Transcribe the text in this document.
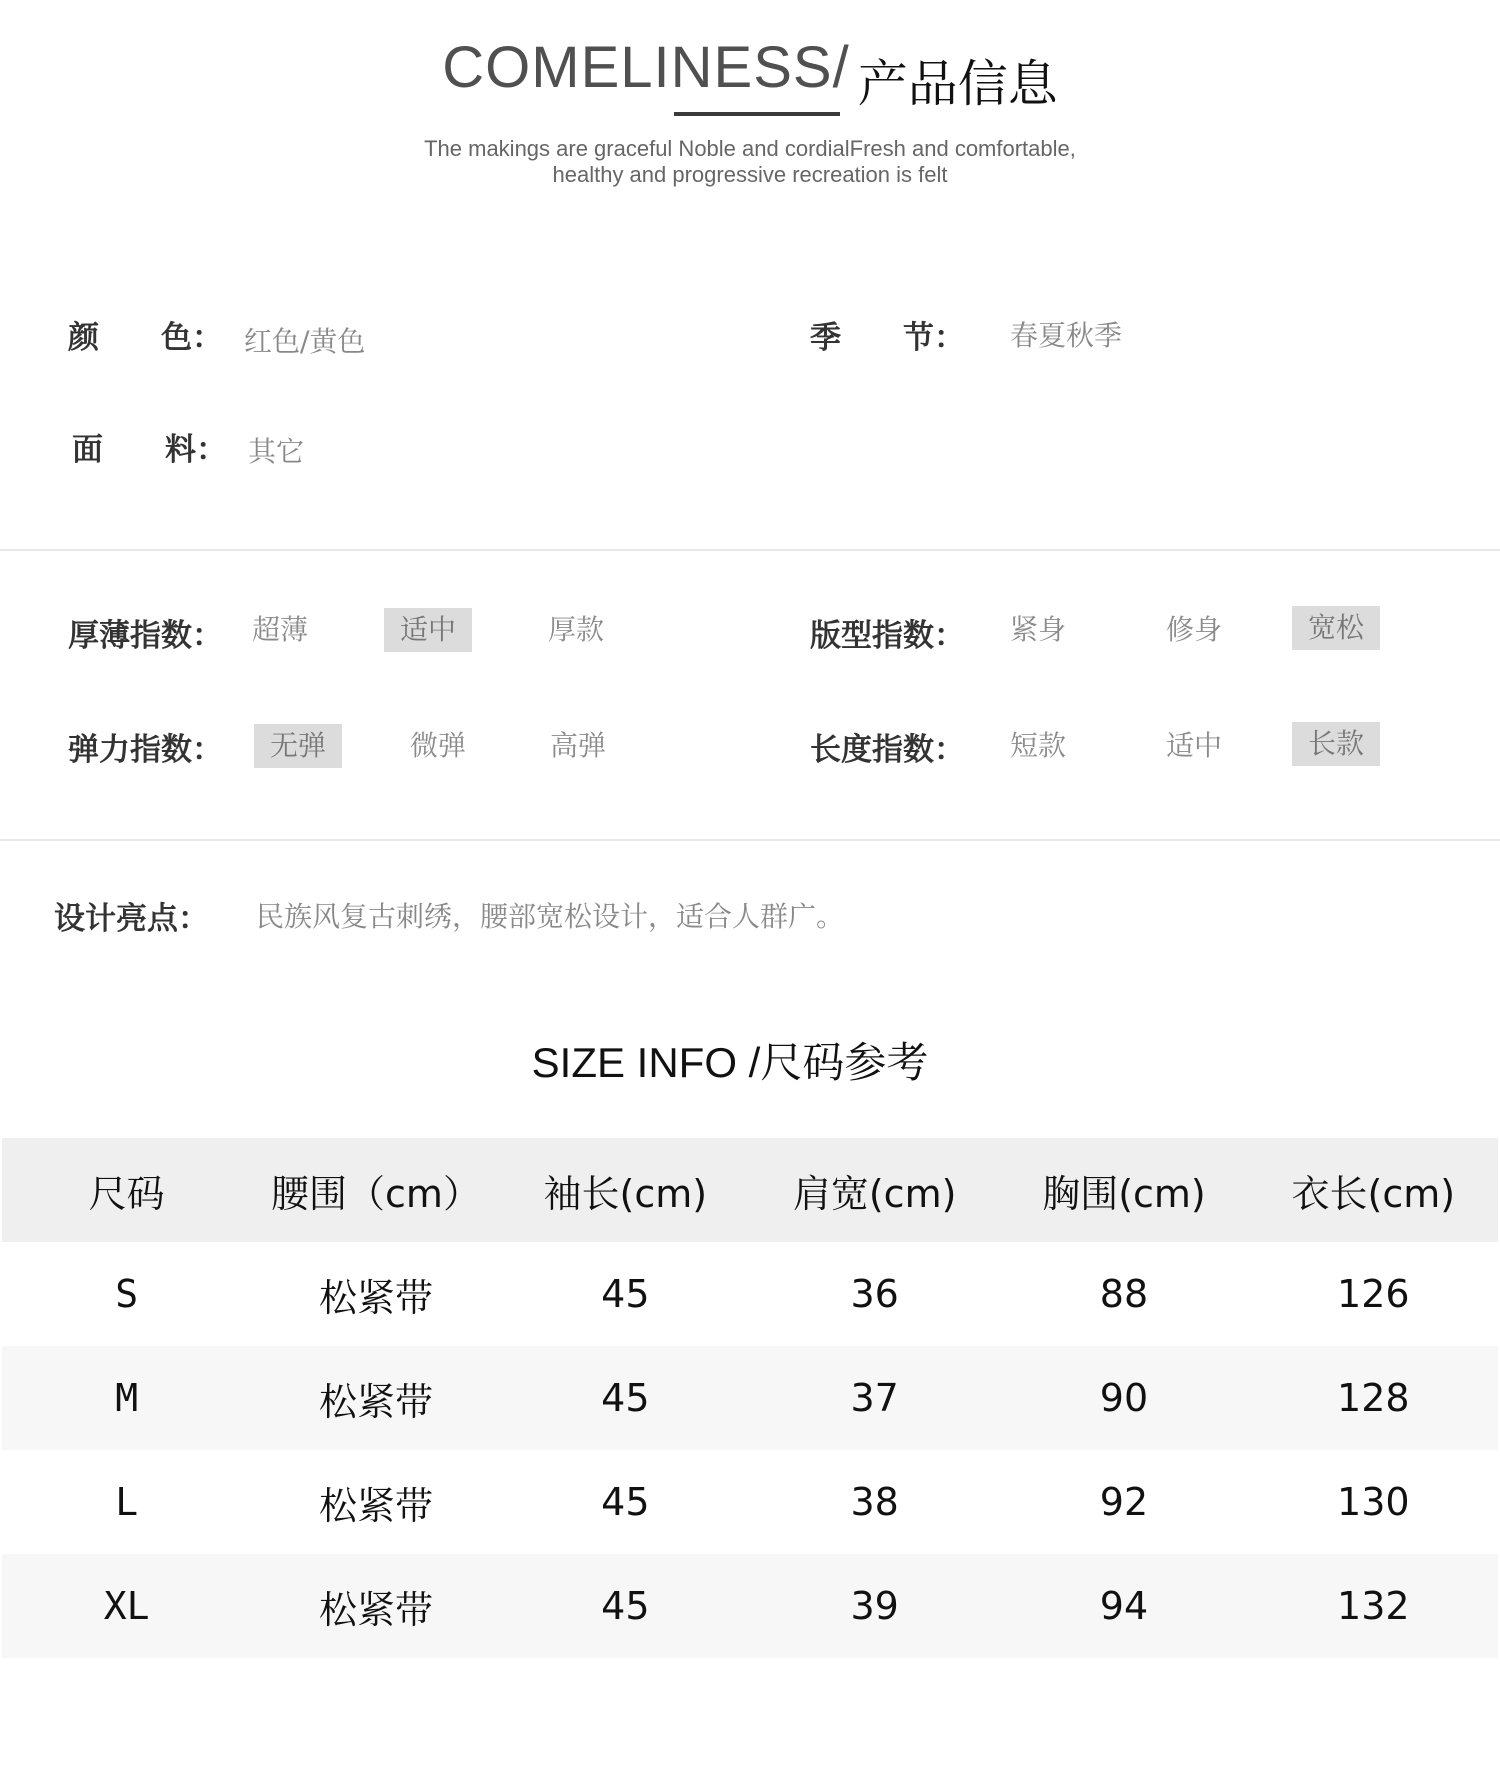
COMELINESS/ 产品信息
The makings are graceful Noble and cordialFresh and comfortable,
healthy and progressive recreation is felt
颜　　色： 红色/黄色	季　　节： 春夏秋季
面　　料： 其它
厚薄指数：	超薄	适中	厚款	版型指数：	紧身	修身	宽松
弹力指数：	无弹	微弹	高弹	长度指数：	短款	适中	长款
设计亮点： 民族风复古刺绣，腰部宽松设计，适合人群广。
SIZE INFO /尺码参考
尺码	腰围（cm）	袖长(cm)	肩宽(cm)	胸围(cm)	衣长(cm)
S	松紧带	45	36	88	126
M	松紧带	45	37	90	128
L	松紧带	45	38	92	130
XL	松紧带	45	39	94	132
